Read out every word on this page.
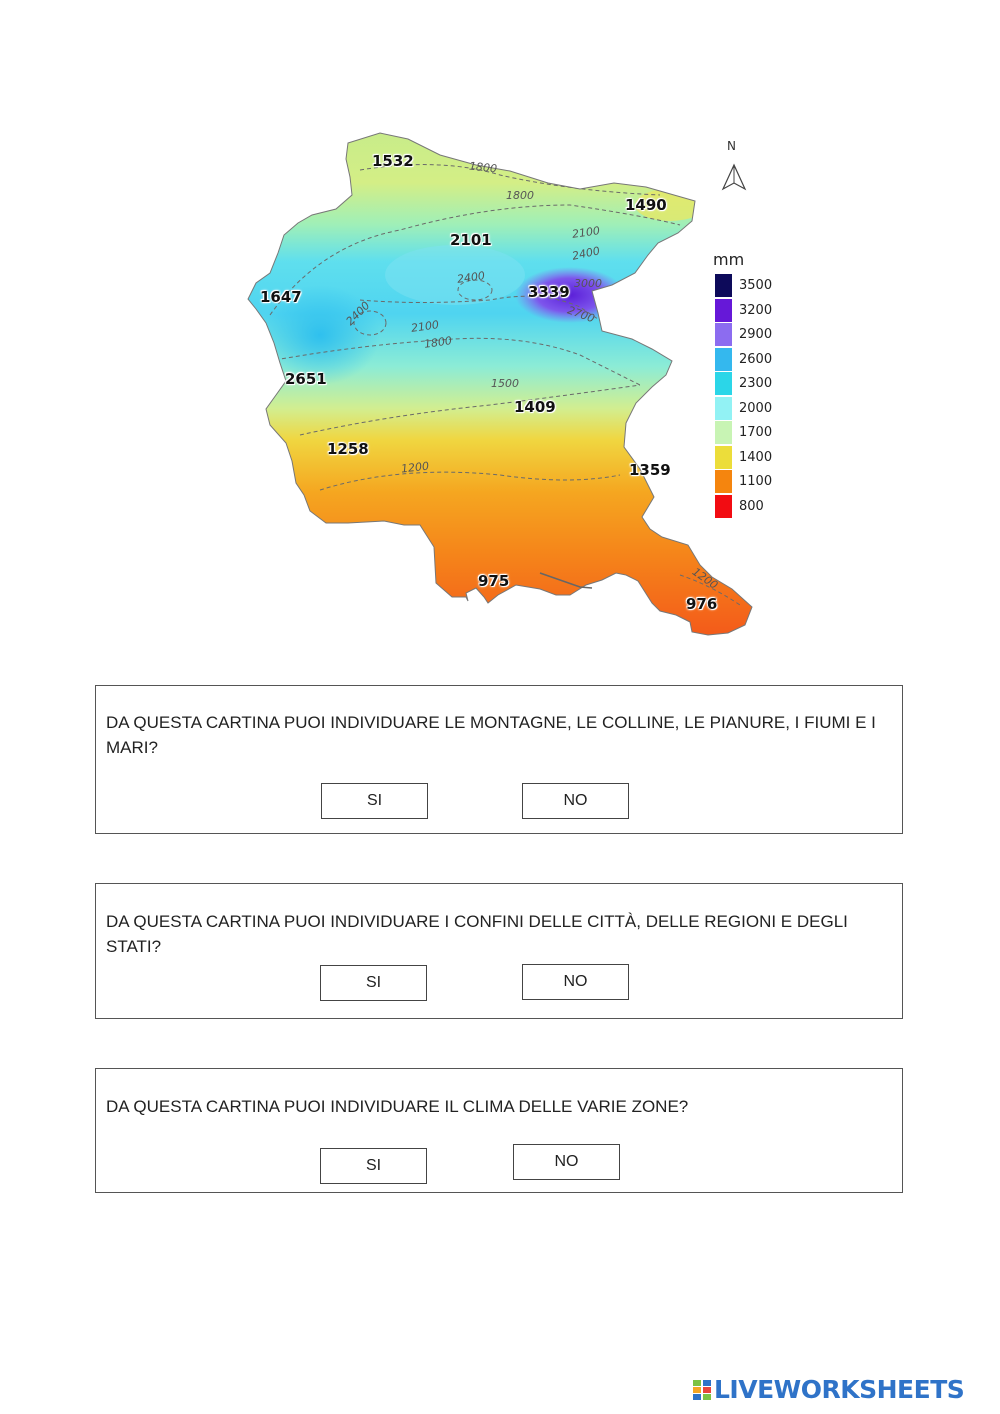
N
mm
3500
3200
2900
2600
2300
2000
1700
1400
1100
800
1532
1490
2101
1647	3339
2651
1409
1258
1359
975
976
1800
1800
2100
2400
2400	3000
2700
2400	2100
1800
1500
1200
1200

DA QUESTA CARTINA PUOI INDIVIDUARE LE MONTAGNE, LE COLLINE, LE PIANURE, I FIUMI E I MARI?

SI	NO

DA QUESTA CARTINA PUOI INDIVIDUARE I CONFINI DELLE CITTÀ, DELLE REGIONI E DEGLI STATI?

SI	NO

DA QUESTA CARTINA PUOI INDIVIDUARE IL CLIMA DELLE VARIE ZONE?

SI	NO
LIVEWORKSHEETS
